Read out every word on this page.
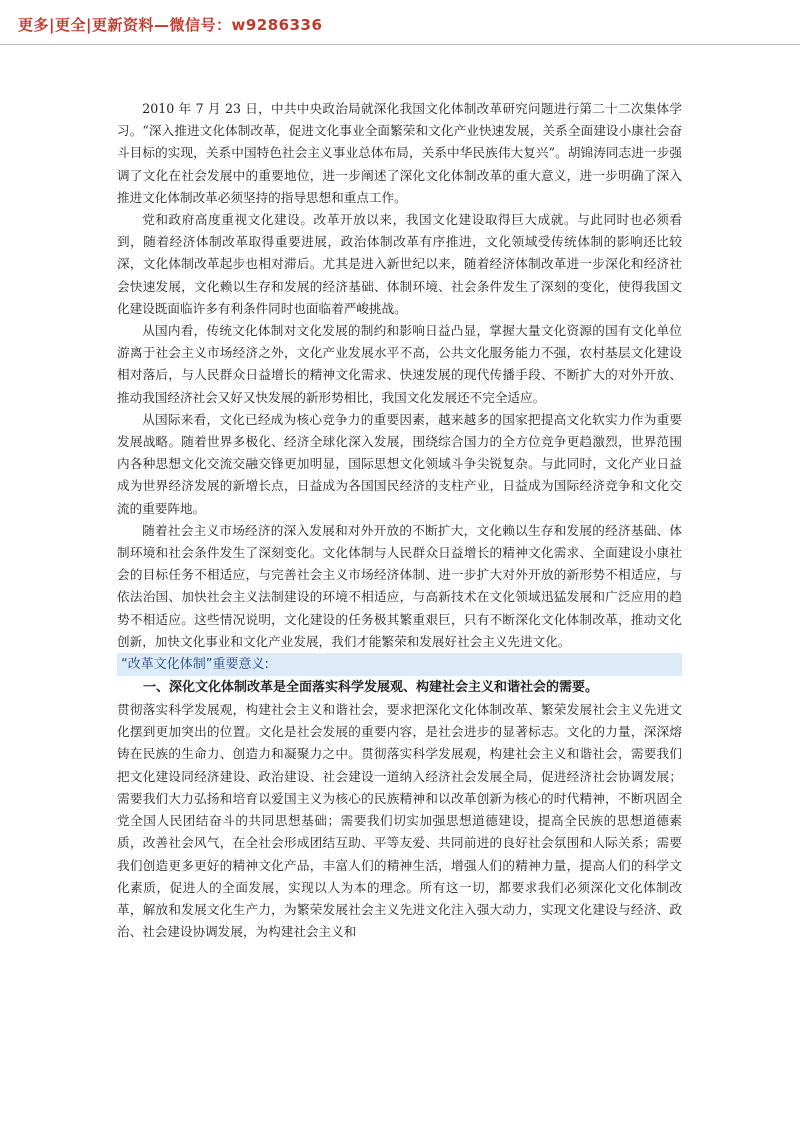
更多|更全|更新资料—微信号：w9286336

2010 年 7 月 23 日，中共中央政治局就深化我国文化体制改革研究问题进行第二十二次集体学习。“深入推进文化体制改革，促进文化事业全面繁荣和文化产业快速发展，关系全面建设小康社会奋斗目标的实现，关系中国特色社会主义事业总体布局，关系中华民族伟大复兴”。胡锦涛同志进一步强调了文化在社会发展中的重要地位，进一步阐述了深化文化体制改革的重大意义，进一步明确了深入推进文化体制改革必须坚持的指导思想和重点工作。

党和政府高度重视文化建设。改革开放以来，我国文化建设取得巨大成就。与此同时也必须看到，随着经济体制改革取得重要进展，政治体制改革有序推进，文化领域受传统体制的影响还比较深，文化体制改革起步也相对滞后。尤其是进入新世纪以来，随着经济体制改革进一步深化和经济社会快速发展，文化赖以生存和发展的经济基础、体制环境、社会条件发生了深刻的变化，使得我国文化建设既面临许多有利条件同时也面临着严峻挑战。

从国内看，传统文化体制对文化发展的制约和影响日益凸显，掌握大量文化资源的国有文化单位游离于社会主义市场经济之外，文化产业发展水平不高，公共文化服务能力不强，农村基层文化建设相对落后，与人民群众日益增长的精神文化需求、快速发展的现代传播手段、不断扩大的对外开放、推动我国经济社会又好又快发展的新形势相比，我国文化发展还不完全适应。

从国际来看，文化已经成为核心竞争力的重要因素，越来越多的国家把提高文化软实力作为重要发展战略。随着世界多极化、经济全球化深入发展，围绕综合国力的全方位竞争更趋激烈，世界范围内各种思想文化交流交融交锋更加明显，国际思想文化领域斗争尖锐复杂。与此同时，文化产业日益成为世界经济发展的新增长点，日益成为各国国民经济的支柱产业，日益成为国际经济竞争和文化交流的重要阵地。

随着社会主义市场经济的深入发展和对外开放的不断扩大，文化赖以生存和发展的经济基础、体制环境和社会条件发生了深刻变化。文化体制与人民群众日益增长的精神文化需求、全面建设小康社会的目标任务不相适应，与完善社会主义市场经济体制、进一步扩大对外开放的新形势不相适应，与依法治国、加快社会主义法制建设的环境不相适应，与高新技术在文化领域迅猛发展和广泛应用的趋势不相适应。这些情况说明，文化建设的任务极其繁重艰巨，只有不断深化文化体制改革，推动文化创新，加快文化事业和文化产业发展，我们才能繁荣和发展好社会主义先进文化。

“改革文化体制”重要意义:
一、深化文化体制改革是全面落实科学发展观、构建社会主义和谐社会的需要。

贯彻落实科学发展观，构建社会主义和谐社会，要求把深化文化体制改革、繁荣发展社会主义先进文化摆到更加突出的位置。文化是社会发展的重要内容，是社会进步的显著标志。文化的力量，深深熔铸在民族的生命力、创造力和凝聚力之中。贯彻落实科学发展观，构建社会主义和谐社会，需要我们把文化建设同经济建设、政治建设、社会建设一道纳入经济社会发展全局，促进经济社会协调发展；需要我们大力弘扬和培育以爱国主义为核心的民族精神和以改革创新为核心的时代精神，不断巩固全党全国人民团结奋斗的共同思想基础；需要我们切实加强思想道德建设，提高全民族的思想道德素质，改善社会风气，在全社会形成团结互助、平等友爱、共同前进的良好社会氛围和人际关系；需要我们创造更多更好的精神文化产品，丰富人们的精神生活，增强人们的精神力量，提高人们的科学文化素质，促进人的全面发展，实现以人为本的理念。所有这一切，都要求我们必须深化文化体制改革，解放和发展文化生产力，为繁荣发展社会主义先进文化注入强大动力，实现文化建设与经济、政治、社会建设协调发展，为构建社会主义和
